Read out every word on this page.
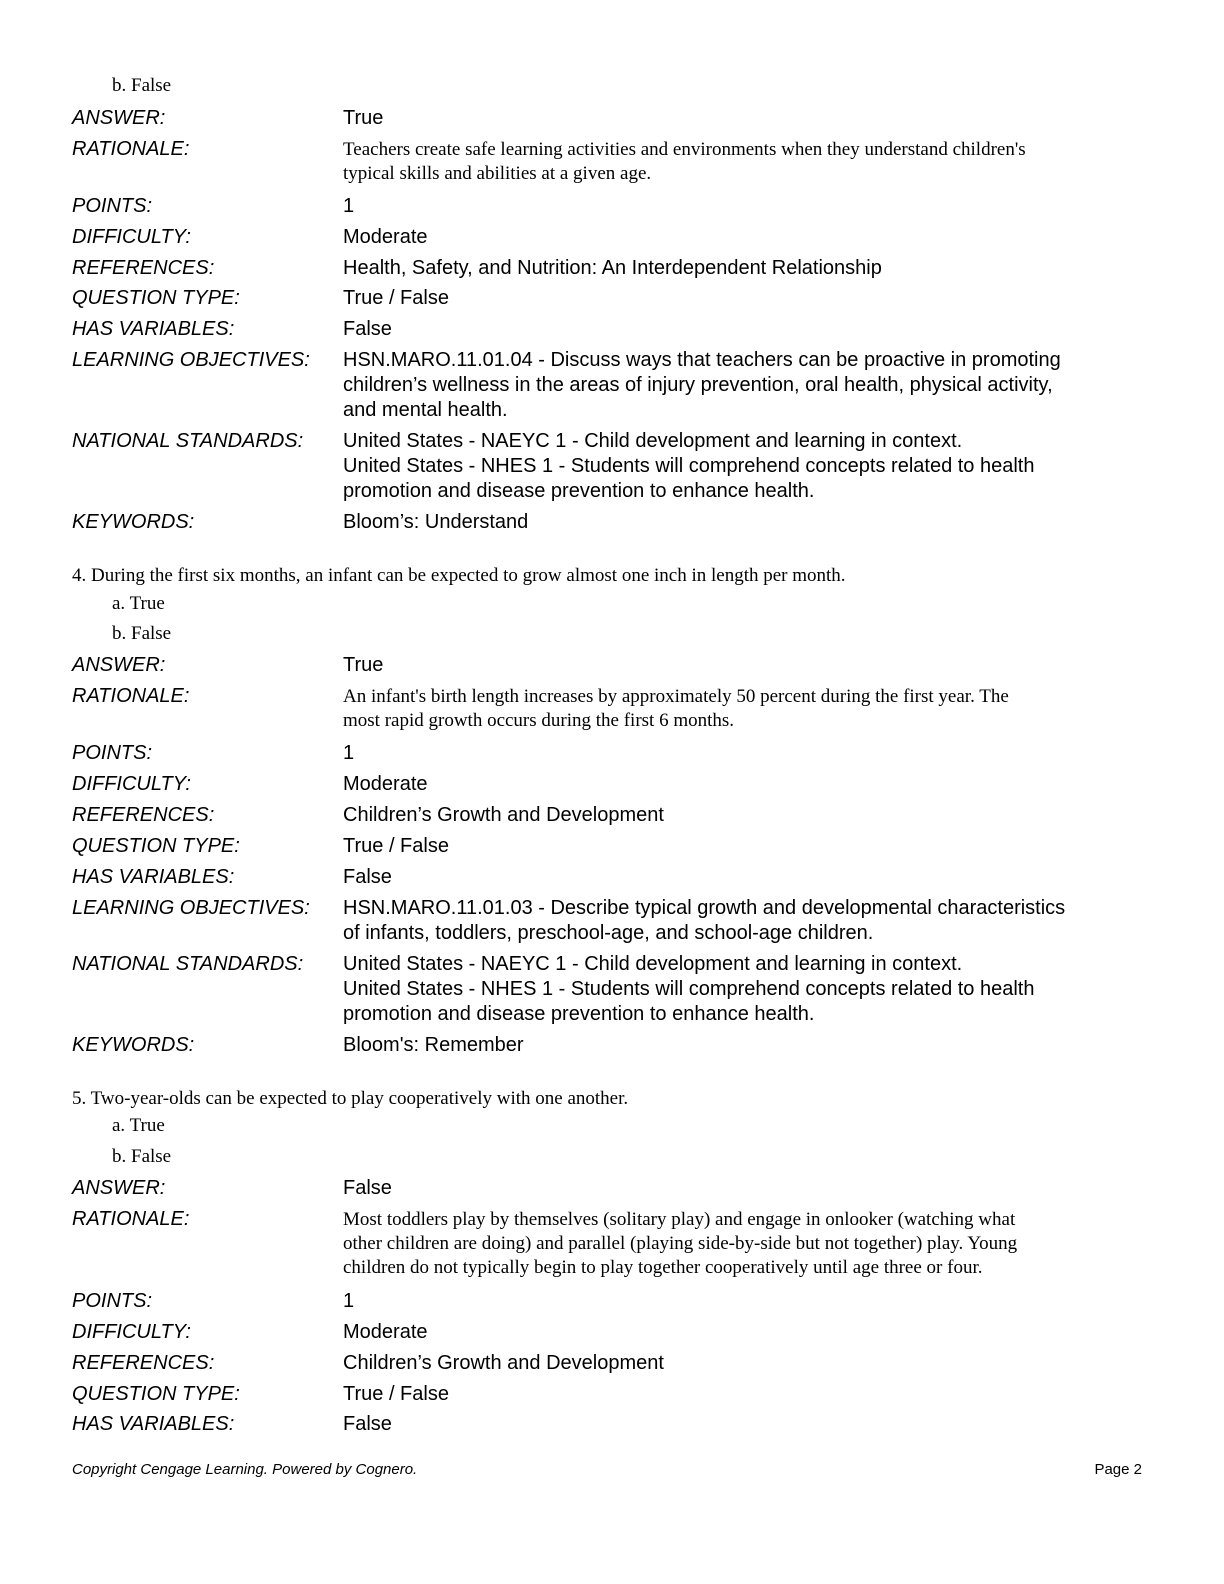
b. False
ANSWER:	True
RATIONALE:	Teachers create safe learning activities and environments when they understand children's
typical skills and abilities at a given age.
POINTS:	1
DIFFICULTY:	Moderate
REFERENCES:	Health, Safety, and Nutrition: An Interdependent Relationship
QUESTION TYPE:	True / False
HAS VARIABLES:	False
LEARNING OBJECTIVES:	HSN.MARO.11.01.04 - Discuss ways that teachers can be proactive in promoting
children’s wellness in the areas of injury prevention, oral health, physical activity,
and mental health.
NATIONAL STANDARDS:	United States - NAEYC 1 - Child development and learning in context.
United States - NHES 1 - Students will comprehend concepts related to health
promotion and disease prevention to enhance health.
KEYWORDS:	Bloom’s: Understand
4. During the first six months, an infant can be expected to grow almost one inch in length per month.
a. True
b. False
ANSWER:	True
RATIONALE:	An infant's birth length increases by approximately 50 percent during the first year. The
most rapid growth occurs during the first 6 months.
POINTS:	1
DIFFICULTY:	Moderate
REFERENCES:	Children’s Growth and Development
QUESTION TYPE:	True / False
HAS VARIABLES:	False
LEARNING OBJECTIVES:	HSN.MARO.11.01.03 - Describe typical growth and developmental characteristics
of infants, toddlers, preschool-age, and school-age children.
NATIONAL STANDARDS:	United States - NAEYC 1 - Child development and learning in context.
United States - NHES 1 - Students will comprehend concepts related to health
promotion and disease prevention to enhance health.
KEYWORDS:	Bloom's: Remember
5. Two-year-olds can be expected to play cooperatively with one another.
a. True
b. False
ANSWER:	False
RATIONALE:	Most toddlers play by themselves (solitary play) and engage in onlooker (watching what
other children are doing) and parallel (playing side-by-side but not together) play. Young
children do not typically begin to play together cooperatively until age three or four.
POINTS:	1
DIFFICULTY:	Moderate
REFERENCES:	Children’s Growth and Development
QUESTION TYPE:	True / False
HAS VARIABLES:	False
Copyright Cengage Learning. Powered by Cognero.	Page 2
